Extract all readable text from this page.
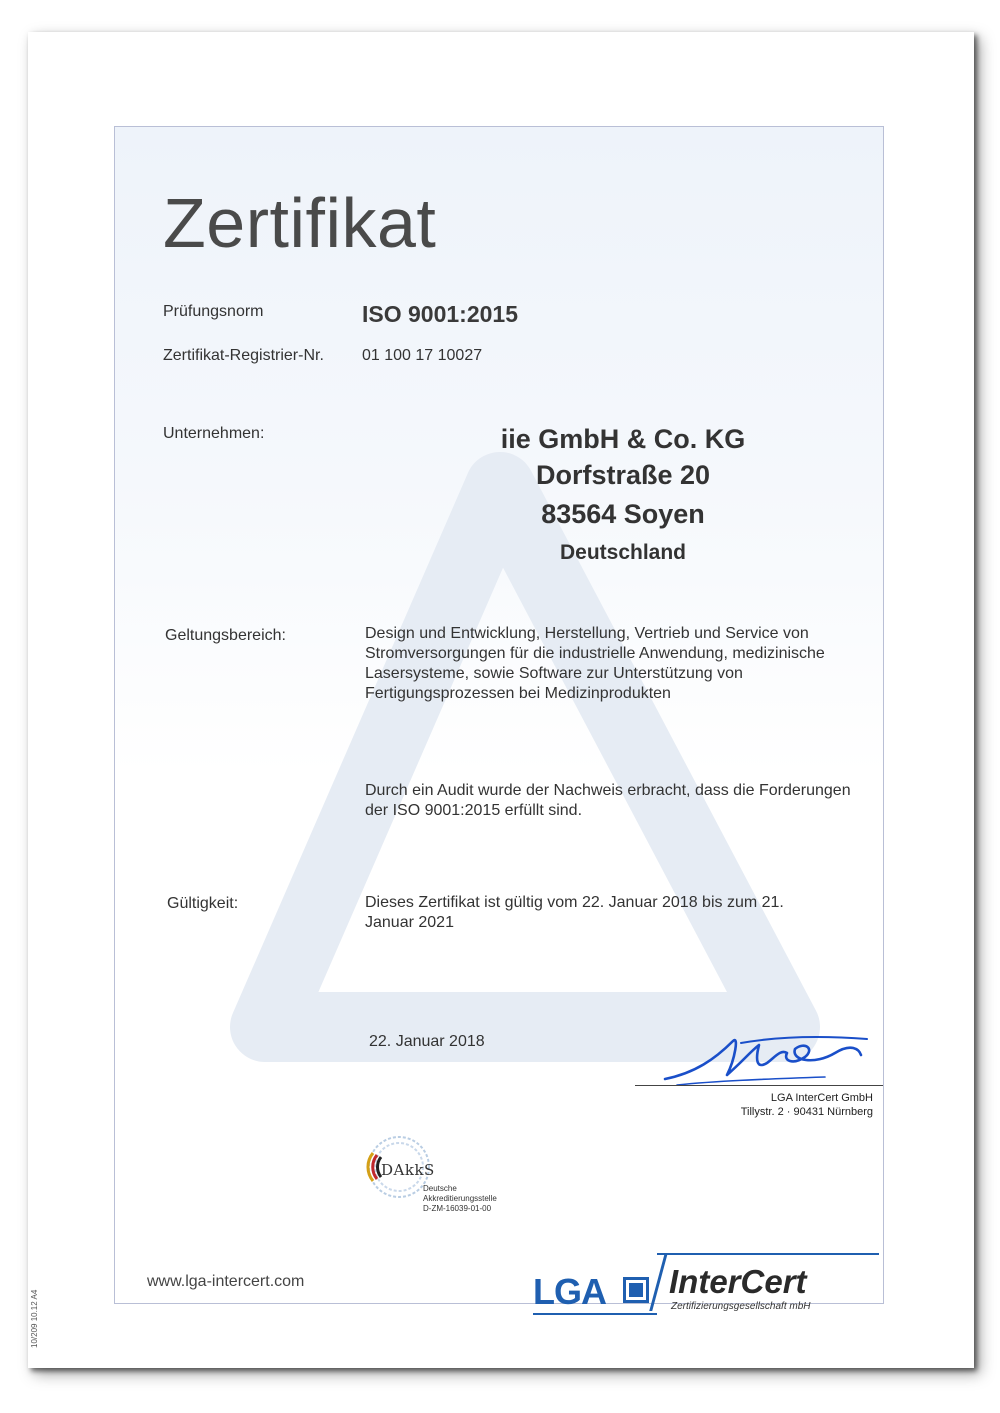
Zertifikat
Prüfungsnorm	ISO 9001:2015
Zertifikat-Registrier-Nr. 01 100 17 10027
Unternehmen:	iie GmbH & Co. KG
Dorfstraße 20
83564 Soyen
Deutschland
Geltungsbereich:	Design und Entwicklung, Herstellung, Vertrieb und Service von Stromversorgungen für die industrielle Anwendung, medizinische Lasersysteme, sowie Software zur Unterstützung von Fertigungsprozessen bei Medizinprodukten
Durch ein Audit wurde der Nachweis erbracht, dass die Forderungen der ISO 9001:2015 erfüllt sind.
Gültigkeit:	Dieses Zertifikat ist gültig vom 22. Januar 2018 bis zum 21. Januar 2021
22. Januar 2018
LGA InterCert GmbH
Tillystr. 2 · 90431 Nürnberg
DAkkS
Deutsche
Akkreditierungsstelle
D-ZM-16039-01-00
www.lga-intercert.com	LGA InterCert
Zertifizierungsgesellschaft mbH
10/209 10.12 A4
